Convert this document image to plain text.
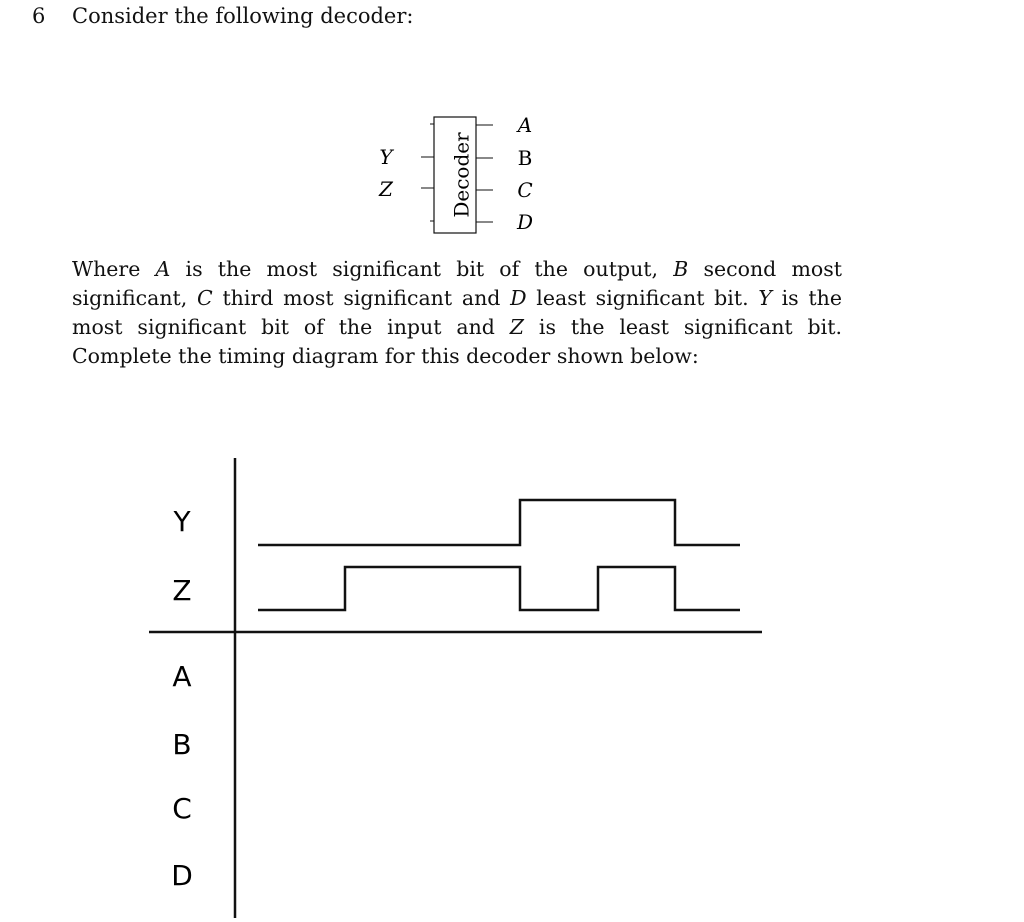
6 Consider the following decoder:
Decoder
Y
Z
A
B
C
D
Y
Z
A
B
C
D
Where A is the most significant bit of the output, B second most significant, C third most significant and D least significant bit. Y is the most significant bit of the input and Z is the least significant bit. Complete the timing diagram for this decoder shown below:
